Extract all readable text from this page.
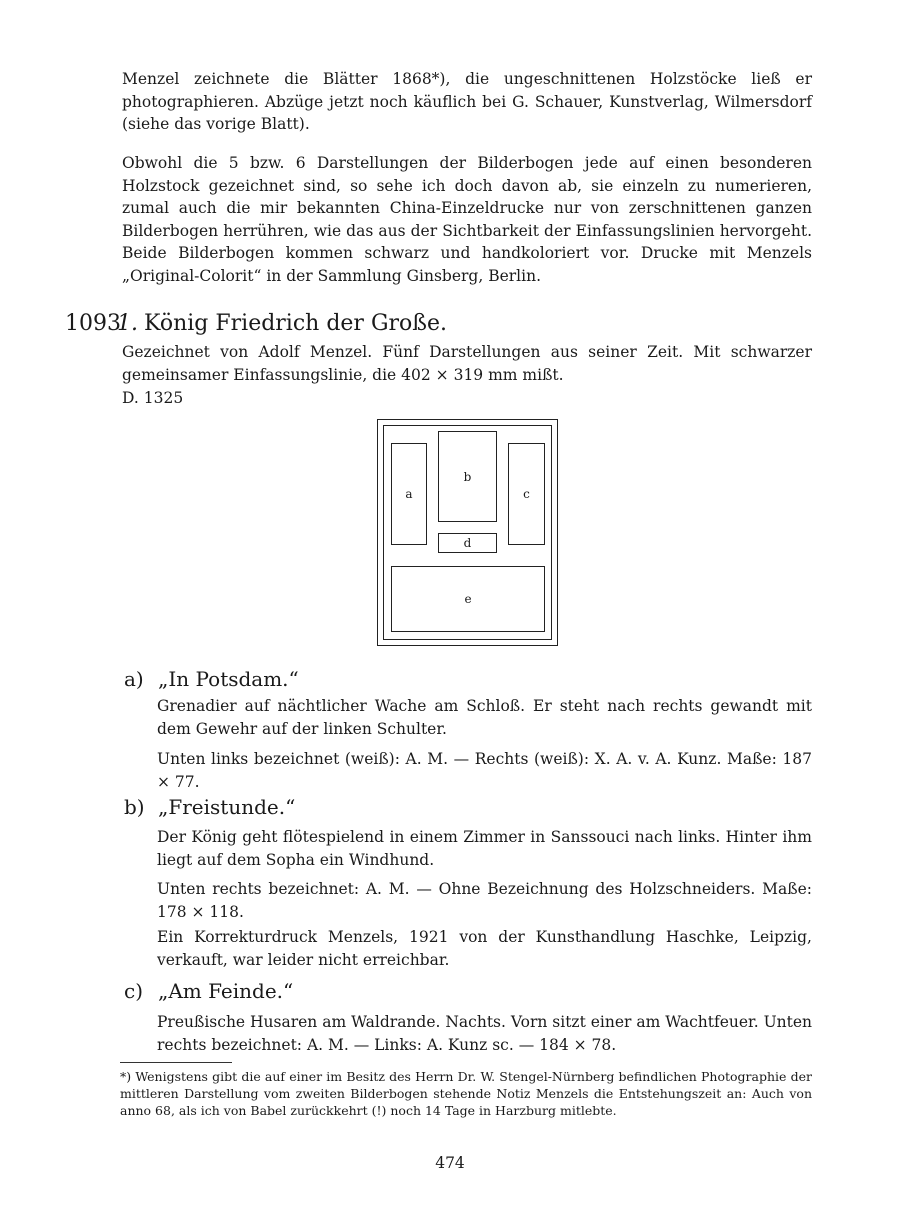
Menzel zeichnete die Blätter 1868*), die ungeschnittenen Holzstöcke ließ er photographieren. Abzüge jetzt noch käuflich bei G. Schauer, Kunstverlag, Wilmersdorf (siehe das vorige Blatt).

Obwohl die 5 bzw. 6 Darstellungen der Bilderbogen jede auf einen besonderen Holzstock gezeichnet sind, so sehe ich doch davon ab, sie einzeln zu numerieren, zumal auch die mir bekannten China-Einzeldrucke nur von zerschnittenen ganzen Bilderbogen herrühren, wie das aus der Sichtbarkeit der Einfassungslinien hervorgeht. Beide Bilderbogen kommen schwarz und handkoloriert vor. Drucke mit Menzels „Original-Colorit“ in der Sammlung Ginsberg, Berlin.

10931. König Friedrich der Große.

Gezeichnet von Adolf Menzel. Fünf Darstellungen aus seiner Zeit. Mit schwarzer gemeinsamer Einfassungslinie, die 402 × 319 mm mißt.

D. 1325

a
b
c
d
e
a) „In Potsdam.“

Grenadier auf nächtlicher Wache am Schloß. Er steht nach rechts gewandt mit dem Gewehr auf der linken Schulter.

Unten links bezeichnet (weiß): A. M. — Rechts (weiß): X. A. v. A. Kunz. Maße: 187 × 77.

b) „Freistunde.“

Der König geht flötespielend in einem Zimmer in Sanssouci nach links. Hinter ihm liegt auf dem Sopha ein Windhund.

Unten rechts bezeichnet: A. M. — Ohne Bezeichnung des Holzschneiders. Maße: 178 × 118.

Ein Korrekturdruck Menzels, 1921 von der Kunsthandlung Haschke, Leipzig, verkauft, war leider nicht erreichbar.

c) „Am Feinde.“

Preußische Husaren am Waldrande. Nachts. Vorn sitzt einer am Wachtfeuer. Unten rechts bezeichnet: A. M. — Links: A. Kunz sc. — 184 × 78.

*) Wenigstens gibt die auf einer im Besitz des Herrn Dr. W. Stengel-Nürnberg befindlichen Photographie der mittleren Darstellung vom zweiten Bilderbogen stehende Notiz Menzels die Entstehungszeit an: Auch von anno 68, als ich von Babel zurückkehrt (!) noch 14 Tage in Harzburg mitlebte.

474
